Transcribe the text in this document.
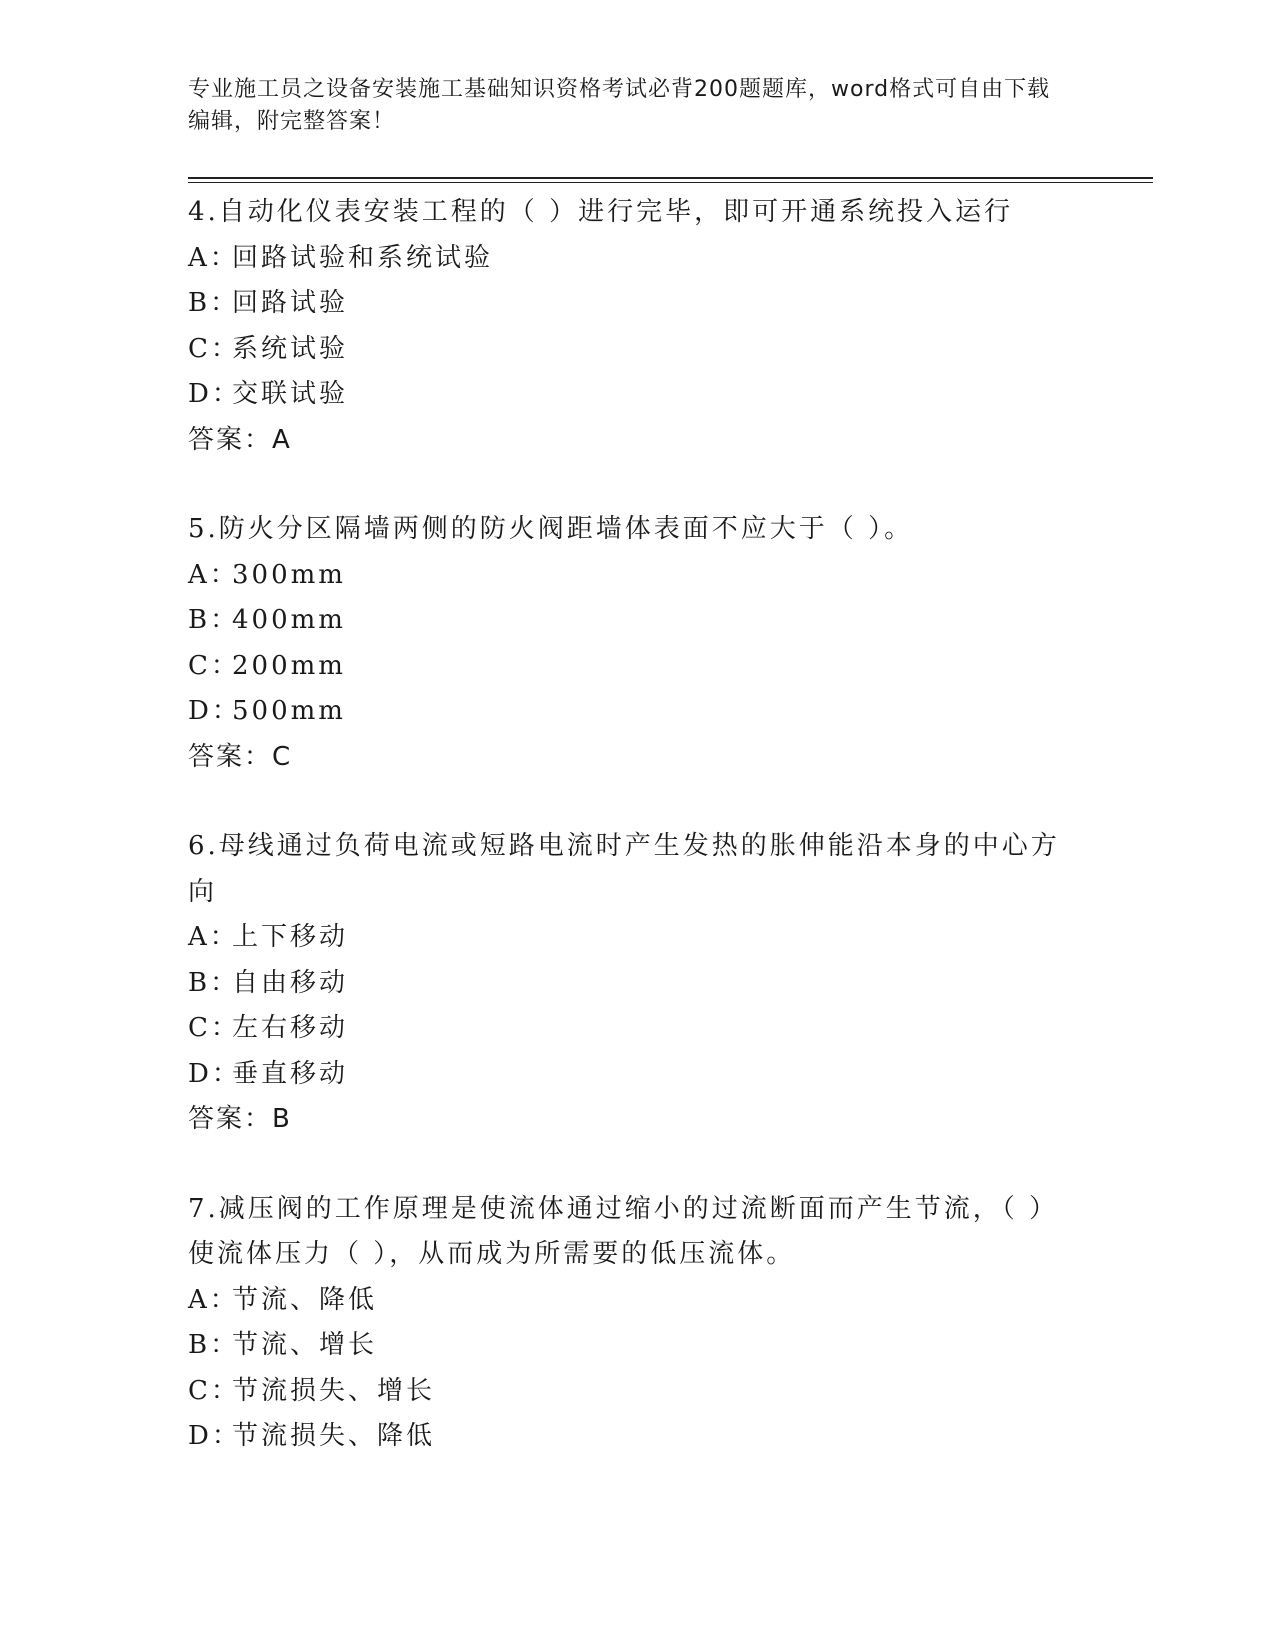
专业施工员之设备安装施工基础知识资格考试必背200题题库，word格式可自由下载编辑，附完整答案！

4.自动化仪表安装工程的（ ）进行完毕，即可开通系统投入运行

A：回路试验和系统试验

B：回路试验

C：系统试验

D：交联试验

答案：A

5.防火分区隔墙两侧的防火阀距墙体表面不应大于（ ）。

A：300mm

B：400mm

C：200mm

D：500mm

答案：C

6.母线通过负荷电流或短路电流时产生发热的胀伸能沿本身的中心方向

A：上下移动

B：自由移动

C：左右移动

D：垂直移动

答案：B

7.减压阀的工作原理是使流体通过缩小的过流断面而产生节流，（ ）使流体压力（ ），从而成为所需要的低压流体。

A：节流、降低

B：节流、增长

C：节流损失、增长

D：节流损失、降低
